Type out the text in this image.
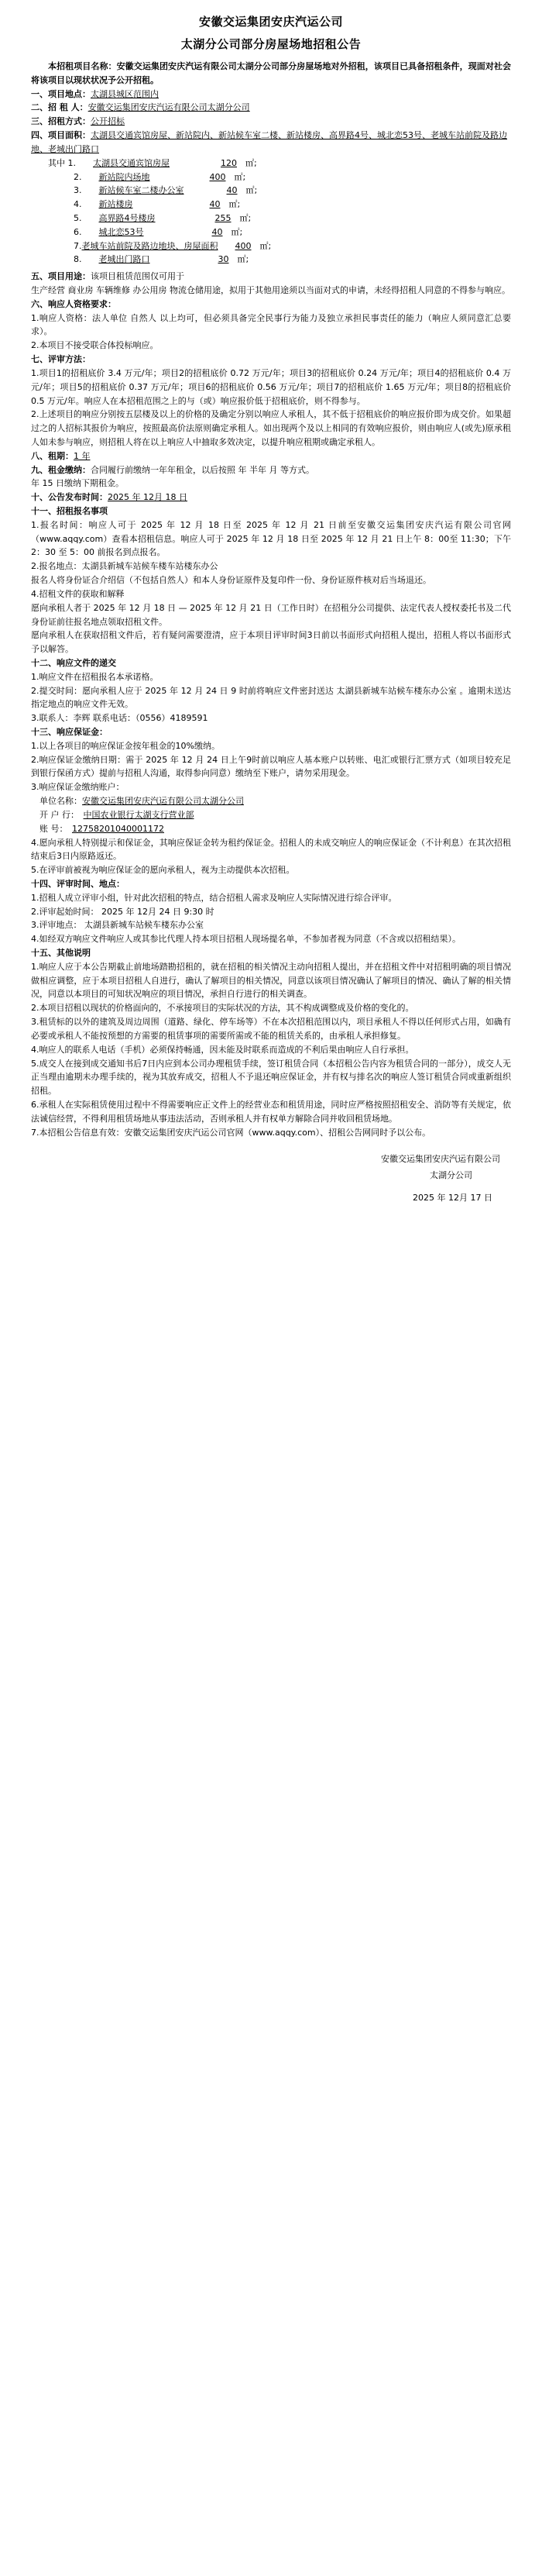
安徽交运集团安庆汽运公司
太湖分公司部分房屋场地招租公告

本招租项目名称：安徽交运集团安庆汽运有限公司太湖分公司部分房屋场地对外招租，该项目已具备招租条件，现面对社会将该项目以现状状况予公开招租。

一、项目地点：太湖县城区范围内
二、招 租 人：安徽交运集团安庆汽运有限公司太湖分公司
三、招租方式：公开招标
四、项目面积：太湖县交通宾馆房屋、新站院内、新站候车室二楼、新站楼房、高界路4号、城北恋53号、老城车站前院及路边地、老城出门路口
　　其中 1.　　太湖县交通宾馆房屋　　　　　　	120　 ㎡;
　　　　　2.　　新站院内场地　　　　　　　	400　 ㎡;
　　　　　3.　　新站候车室二楼办公室　　　　　	40　 ㎡;
　　　　　4.　　新站楼房　　　　　　　　　	40　 ㎡;
　　　　　5.　　高界路4号楼房　　　　　　　	255　 ㎡;
　　　　　6.　　城北恋53号　　　　　　　　	40　 ㎡;
　　　　　7.老城车站前院及路边地块、房屋面积　　 400　 ㎡;
　　　　　8.　　老城出门路口　　　　　　　　	30　 ㎡;
五、项目用途：该项目租赁范围仅可用于

生产经营 商业房 车辆维修 办公用房 物流仓储用途，拟用于其他用途须以当面对式的申请，未经得招租人同意的不得参与响应。

六、响应人资格要求：

1.响应人资格：法人单位 自然人 以上均可，但必须具备完全民事行为能力及独立承担民事责任的能力（响应人须同意汇总要求）。

2.本项目不接受联合体投标响应。

七、评审方法：

1.项目1的招租底价 3.4 万元/年；项目2的招租底价 0.72 万元/年；项目3的招租底价 0.24 万元/年；项目4的招租底价 0.4 万元/年；项目5的招租底价 0.37 万元/年；项目6的招租底价 0.56 万元/年；项目7的招租底价 1.65 万元/年；项目8的招租底价 0.5 万元/年。响应人在本招租范围之上的与（或）响应报价低于招租底价，则不得参与。

2.上述项目的响应分别按五层楼及以上的价格的及确定分别以响应人承租人，其不低于招租底价的响应报价即为成交价。如果超过之的人招标其报价为响应，按照最高价法原则确定承租人。如出现两个及以上相同的有效响应报价，则由响应人(或先)原承租人如未参与响应，则招租人将在以上响应人中抽取多效决定，以提升响应租期或确定承租人。

八、租期：1 年
九、租金缴纳：合同履行前缴纳一年年租金，以后按照 年 半年 月 等方式。
年 15 日缴纳下期租金。
十、公告发布时间：2025 年 12月 18 日
十一、招租报名事项

1.报名时间：响应人可于 2025 年 12 月 18 日至 2025 年 12 月 21 日前至安徽交运集团安庆汽运有限公司官网（www.aqqy.com）查看本招租信息。响应人可于 2025 年 12 月 18 日至 2025 年 12 月 21 日上午 8：00至 11:30；下午 2：30 至 5：00 前报名到点报名。

2.报名地点：太湖县新城车站候车楼车站楼东办公

报名人将身份证合介绍信（不包括自然人）和本人身份证原件及复印件一份、身份证原件核对后当场退还。

4.招租文件的获取和解释

愿向承租人者于 2025 年 12 月 18 日 — 2025 年 12 月 21 日（工作日时）在招租分公司提供、法定代表人授权委托书及二代身份证前往报名地点领取招租文件。

愿向承租人在获取招租文件后，若有疑问需要澄清，应于本项目评审时间3日前以书面形式向招租人提出，招租人将以书面形式予以解答。

十二、响应文件的递交

1.响应文件在招租报名本承诺格。

2.提交时间：愿向承租人应于 2025 年 12 月 24 日 9 时前将响应文件密封送达 太湖县新城车站候车楼东办公室 。逾期未送达指定地点的响应文件无效。

3.联系人：李辉 联系电话：（0556）4189591

十三、响应保证金：

1.以上各项目的响应保证金按年租金的10%缴纳。

2.响应保证金缴纳日期：需于 2025 年 12 月 24 日上午9时前以响应人基本账户以转账、电汇或银行汇票方式（如项目较充足到银行保函方式）提前与招租人沟通，取得参向同意）缴纳至下账户，请勿采用现金。

3.响应保证金缴纳账户：

　单位名称：安徽交运集团安庆汽运有限公司太湖分公司
　开 户 行：　 中国农业银行太湖支行营业部
　账 号：　 12758201040001172

4.愿向承租人特别提示和保证金，其响应保证金转为租约保证金。招租人的未成交响应人的响应保证金（不计利息）在其次招租结束后3日内原路返还。

5.在评审前被视为响应保证金的愿向承租人，视为主动提供本次招租。

十四、评审时间、地点：

1.招租人成立评审小组，针对此次招租的特点，结合招租人需求及响应人实际情况进行综合评审。

2.评审起始时间： 2025 年 12月 24 日 9:30 时

3.评审地点： 太湖县新城车站候车楼东办公室

4.如经双方响应文件响应人或其参比代理人持本项目招租人现场提名单，不参加者视为同意（不含或以招租结果）。

十五、其他说明

1.响应人应于本公告期截止前地场踏勘招租的，就在招租的相关情况主动向招租人提出，并在招租文件中对招租明确的项目情况做相应调整，应于本项目招租人自进行，确认了解项目的相关情况，同意以该项目情况确认了解项目的情况、确认了解的相关情况，同意以本项目的可知状况响应的项目情况，承担自行进行的相关调查。

2.本项目招租以现状的价格面向的，不承接项目的实际状况的方法，其不构成调整成及价格的变化的。

3.租赁标的以外的建筑及周边周围（道路、绿化、停车场等）不在本次招租范围以内，项目承租人不得以任何形式占用，如确有必要或承租人不能按预想的方需要的租赁事项的需要所需或不能的租赁关系的，由承租人承担修复。

4.响应人的联系人电话（手机）必须保持畅通，因未能及时联系而造成的不利后果由响应人自行承担。

5.成交人在接到成交通知书后7日内应到本公司办理租赁手续，签订租赁合同（本招租公告内容为租赁合同的一部分），成交人无正当理由逾期未办理手续的，视为其放弃成交，招租人不予退还响应保证金，并有权与排名次的响应人签订租赁合同或重新组织招租。

6.承租人在实际租赁使用过程中不得需要响应正文件上的经营业态和租赁用途，同时应严格按照招租安全、消防等有关规定，依法诚信经营，不得利用租赁场地从事违法活动，否则承租人并有权单方解除合同并收回租赁场地。

7.本招租公告信息有效：安徽交运集团安庆汽运公司官网（www.aqqy.com）、招租公告网同时予以公布。

安徽交运集团安庆汽运有限公司
太湖分公司
2025 年 12月 17 日
